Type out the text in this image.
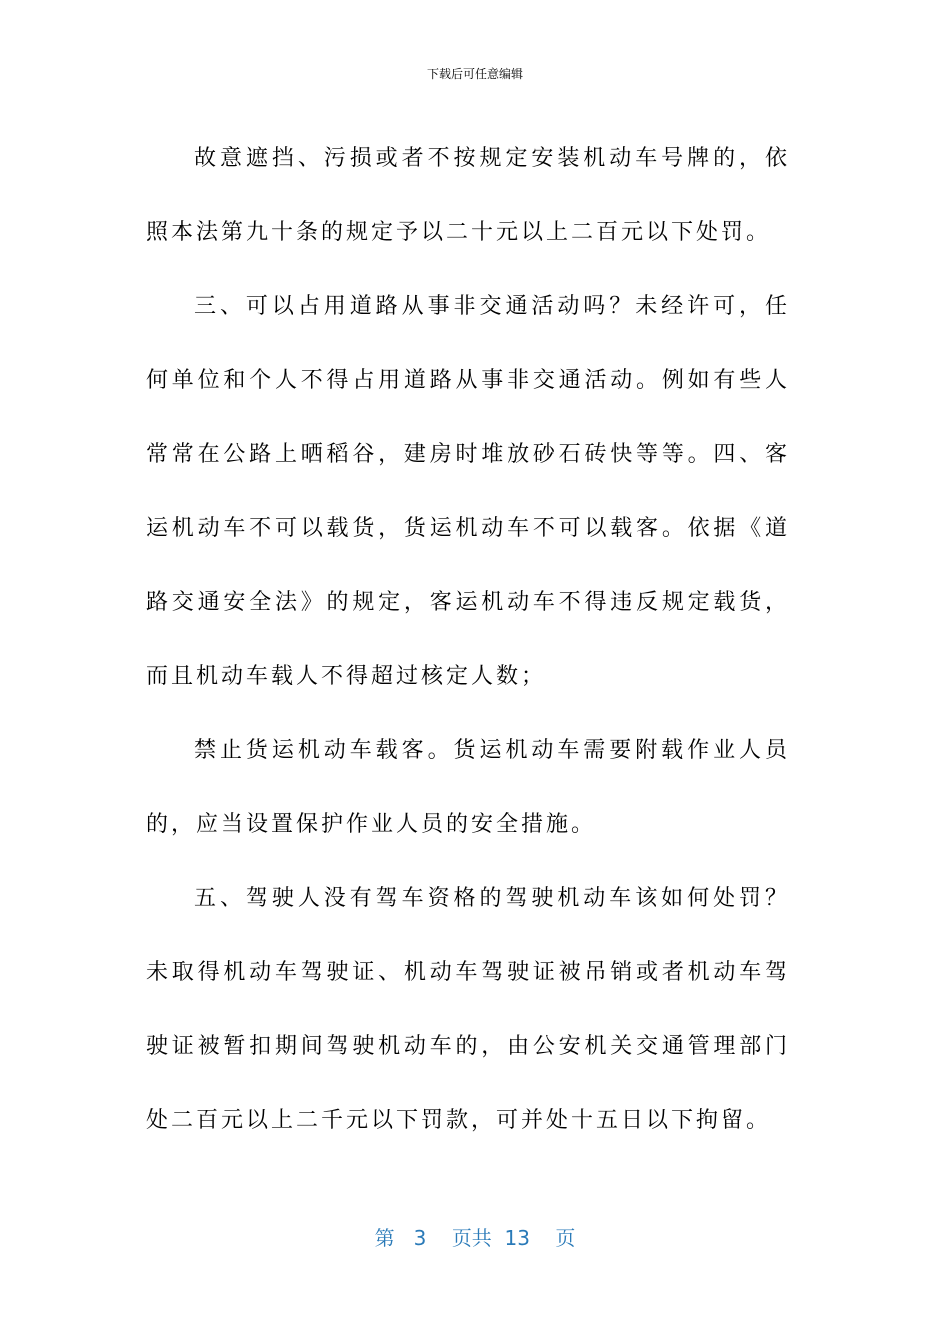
下载后可任意编辑

故意遮挡、污损或者不按规定安装机动车号牌的，依照本法第九十条的规定予以二十元以上二百元以下处罚。

三、可以占用道路从事非交通活动吗？未经许可，任何单位和个人不得占用道路从事非交通活动。例如有些人常常在公路上晒稻谷，建房时堆放砂石砖快等等。四、客运机动车不可以载货，货运机动车不可以载客。依据《道路交通安全法》的规定，客运机动车不得违反规定载货，而且机动车载人不得超过核定人数；

禁止货运机动车载客。货运机动车需要附载作业人员的，应当设置保护作业人员的安全措施。

五、驾驶人没有驾车资格的驾驶机动车该如何处罚？未取得机动车驾驶证、机动车驾驶证被吊销或者机动车驾驶证被暂扣期间驾驶机动车的，由公安机关交通管理部门处二百元以上二千元以下罚款，可并处十五日以下拘留。

第 3 页共 13 页
